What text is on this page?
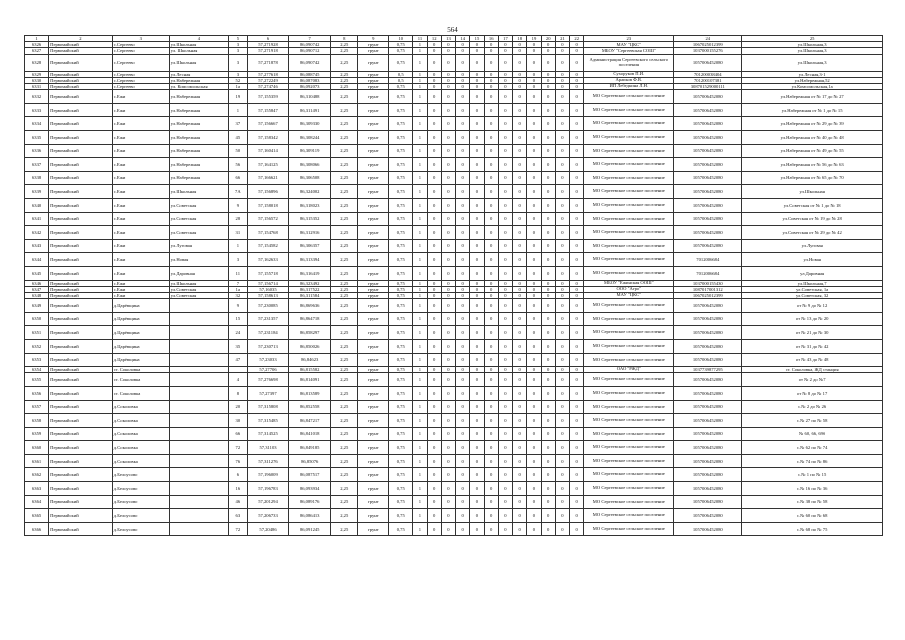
564
1	2	3	4	5	6	7	8	9	10	11	12	13	14	15	16	17	18	19	20	21	22	23	24	25
6326	Первомайский	с.Сергеево	ул.Школьная	3	57,271928	86,090742	2,25	грунт	0,75	1	0	0	0	0	0	0	0	0	0	0	0	МАУ "ЦКС"	1067025012399	ул.Школьная,3
6327	Первомайский	с.Сергеево	ул. Школьная	3	57,271918	86,090712	2,25	грунт	0,75	1	0	0	0	0	0	0	0	0	0	0	0	МБОУ "Сергеевская СОШ"	1037000155276	ул.Школьная,3
6328	Первомайский	с.Сергеево	ул.Школьная	3	57,271878	86,090742	2,25	грунт	0,75	1	0	0	0	0	0	0	0	0	0	0	0	Администрация Сергеевского сельского поселения	1057006452080	ул.Школьная,3
6329	Первомайский	с.Сергеево	ул.Лесная	3	57,277618	86,088745	2,25	грунт	0,5	1	0	0	0	0	0	0	0	0	0	0	0	Сухоруков П.И.	701200038404	ул.Лесная,3-1
6330	Первомайский	с.Сергеево	ул.Набережная	52	57,272249	86,087083	2,25	грунт	0,5	1	0	0	0	0	0	0	0	0	0	0	0	Арапков Ф.В.	701200107381	ул.Набережная,52
6331	Первомайский	с.Сергеево	ул. Комсомольская	1а	57,274746	86,092073	2,25	грунт	0,75	1	0	0	0	0	0	0	0	0	0	0	0	ИП Лебедкина Л.Н.	308701529000111	ул.Комсомольская,1а
6332	Первомайский	с.Ежи	ул.Набережная	19	57,155359	86,310488	2,25	грунт	0,75	1	0	0	0	0	0	0	0	0	0	0	0	МО Сергеевское сельское поселение	1057006452080	ул.Набережная от № 17 до № 27
6333	Первомайский	с.Ежи	ул.Набережная	1	57,155847	86,311491	2,25	грунт	0,75	1	0	0	0	0	0	0	0	0	0	0	0	МО Сергеевское сельское поселение	1057006452080	ул.Набережная от № 1 до № 15
6334	Первомайский	с.Ежи	ул.Набережная	37	57,156667	86,309330	2,25	грунт	0,75	1	0	0	0	0	0	0	0	0	0	0	0	МО Сергеевское сельское поселение	1057006452080	ул.Набережная от № 29 до № 39
6335	Первомайский	с.Ежи	ул.Набережная	45	57,158342	86,308244	2,25	грунт	0,75	1	0	0	0	0	0	0	0	0	0	0	0	МО Сергеевское сельское поселение	1057006452080	ул.Набережная от № 40 до № 48
6336	Первомайский	с.Ежи	ул.Набережная	50	57,160414	86,309119	2,25	грунт	0,75	1	0	0	0	0	0	0	0	0	0	0	0	МО Сергеевское сельское поселение	1057006452080	ул.Набережная от № 49 до № 55
6337	Первомайский	с.Ежи	ул.Набережная	56	57,164125	86,308066	2,25	грунт	0,75	1	0	0	0	0	0	0	0	0	0	0	0	МО Сергеевское сельское поселение	1057006452080	ул.Набережная от № 56 до № 63
6338	Первомайский	с.Ежи	ул.Набережная	66	57,166621	86,306508	2,25	грунт	0,75	1	0	0	0	0	0	0	0	0	0	0	0	МО Сергеевское сельское поселение	1057006452080	ул.Набережная от № 65 до № 70
6339	Первомайский	с.Ежи	ул.Школьная	7А	57,156896	86,324002	2,25	грунт	0,75	1	0	0	0	0	0	0	0	0	0	0	0	МО Сергеевское сельское поселение	1057006452080	ул.Школьная
6340	Первомайский	с.Ежи	ул.Советская	9	57,158018	86,318023	2,25	грунт	0,75	1	0	0	0	0	0	0	0	0	0	0	0	МО Сергеевское сельское поселение	1057006452080	ул.Советская от № 1 до № 18
6341	Первомайский	с.Ежи	ул.Советская	28	57,156572	86,315352	2,25	грунт	0,75	1	0	0	0	0	0	0	0	0	0	0	0	МО Сергеевское сельское поселение	1057006452080	ул.Советская от № 19 до № 28
6342	Первомайский	с.Ежи	ул.Советская	31	57,154768	86,312916	2,25	грунт	0,75	1	0	0	0	0	0	0	0	0	0	0	0	МО Сергеевское сельское поселение	1057006452080	ул.Советская от № 29 до № 42
6343	Первомайский	с.Ежи	ул.Луговая	1	57,154582	86,306357	2,25	грунт	0,75	1	0	0	0	0	0	0	0	0	0	0	0	МО Сергеевское сельское поселение	1057006452080	ул.Луговая
6344	Первомайский	с.Ежи	ул.Новая	3	57,162633	86,313394	2,25	грунт	0,75	1	0	0	0	0	0	0	0	0	0	0	0	МО Сергеевское сельское поселение	7012006684	ул.Новая
6345	Первомайский	с.Ежи	ул.Даровная	11	57,155718	86,316419	2,25	грунт	0,75	1	0	0	0	0	0	0	0	0	0	0	0	МО Сергеевское сельское поселение	7012006684	ул.Даровная
6346	Первомайский	с.Ежи	ул.Школьная	7	57,156714	86,323492	2,25	грунт	0,75	1	0	0	0	0	0	0	0	0	0	0	0	МБОУ "Ежинская ООШ"	1037000155430	ул.Школьная,7
6347	Первомайский	с.Ежи	ул.Советская	1а	57,16035	86,317522	2,25	грунт	0,75	1	0	0	0	0	0	0	0	0	0	0	0	ООО "Агро"	1087017001312	ул.Советская, 1а
6348	Первомайский	с.Ежи	ул.Советская	32	57,158613	86,311584	2,25	грунт	0,75	1	0	0	0	0	0	0	0	0	0	0	0	МАУ "ЦКС"	1067025012399	ул.Советская, 32
6349	Первомайский	д.Царёвщина		9	57,230085	86,869636	2,25	грунт	0,75	1	0	0	0	0	0	0	0	0	0	0	0	МО Сергеевское сельское поселение	1057006452080	от № 9 до № 12
6350	Первомайский	д.Царёвщина		15	57,231357	86,864718	2,25	грунт	0,75	1	0	0	0	0	0	0	0	0	0	0	0	МО Сергеевское сельское поселение	1057006452080	от № 13 до № 20
6351	Первомайский	д.Царёвщина		24	57,231184	86,858297	2,25	грунт	0,75	1	0	0	0	0	0	0	0	0	0	0	0	МО Сергеевское сельское поселение	1057006452080	от № 21 до № 30
6352	Первомайский	д.Царёвщина		35	57,230713	86,850026	2,25	грунт	0,75	1	0	0	0	0	0	0	0	0	0	0	0	МО Сергеевское сельское поселение	1057006452080	от № 31 до № 42
6353	Первомайский	д.Царёвщина		47	57,23033	86,84623	2,25	грунт	0,75	1	0	0	0	0	0	0	0	0	0	0	0	МО Сергеевское сельское поселение	1057006452080	от № 43 до № 48
6354	Первомайский	ст. Соколовка			57,27706	86,815582	2,25	грунт	0,75	1	0	0	0	0	0	0	0	0	0	0	0	ОАО "РЖД"	1037739877295	ст. Соколовка, ЖД станция
6355	Первомайский	ст. Соколовка		4	57,276698	86,814091	2,25	грунт	0,75	1	0	0	0	0	0	0	0	0	0	0	0	МО Сергеевское сельское поселение	1057006452080	от № 2 до №7
6356	Первомайский	ст. Соколовка		8	57,27397	86,813589	2,25	грунт	0,75	1	0	0	0	0	0	0	0	0	0	0	0	МО Сергеевское сельское поселение	1057006452080	от № 8 до № 17
6357	Первомайский	д.Соколовка		20	57,315808	86,852558	2,25	грунт	0,75	1	0	0	0	0	0	0	0	0	0	0	0	МО Сергеевское сельское поселение	1057006452080	с.№ 2 до № 26
6358	Первомайский	д.Соколовка		30	57,315485	86,847217	2,25	грунт	0,75	1	0	0	0	0	0	0	0	0	0	0	0	МО Сергеевское сельское поселение	1057006452080	с.№ 27 по № 58
6359	Первомайский	д.Соколовка		66	57,314525	86,841018	2,25	грунт	0,75	1	0	0	0	0	0	0	0	0	0	0	0	МО Сергеевское сельское поселение	1057006452080	№ 60, 66, 69б
6360	Первомайский	д.Соколовка		72	57,31103	86,849185	2,25	грунт	0,75	1	0	0	0	0	0	0	0	0	0	0	0	МО Сергеевское сельское поселение	1057006452080	с.№ 62 по № 74
6361	Первомайский	д.Соколовка		76	57,311276	86,85076	2,25	грунт	0,75	1	0	0	0	0	0	0	0	0	0	0	0	МО Сергеевское сельское поселение	1057006452080	с.№ 74 по № 86
6362	Первомайский	д.Белоусово		6	57,196009	86,087517	2,25	грунт	0,75	1	0	0	0	0	0	0	0	0	0	0	0	МО Сергеевское сельское поселение	1057006452080	с.№ 1 по № 15
6363	Первомайский	д.Белоусово		16	57,196783	86,093934	2,25	грунт	0,75	1	0	0	0	0	0	0	0	0	0	0	0	МО Сергеевское сельское поселение	1057006452080	с.№ 16 по № 36
6364	Первомайский	д.Белоусово		46	57,201294	86,089176	2,25	грунт	0,75	1	0	0	0	0	0	0	0	0	0	0	0	МО Сергеевское сельское поселение	1057006452080	с.№ 38 по № 58
6365	Первомайский	д.Белоусово		63	57,206733	86,086413	2,25	грунт	0,75	1	0	0	0	0	0	0	0	0	0	0	0	МО Сергеевское сельское поселение	1057006452080	с.№ 60 по № 68
6366	Первомайский	д.Белоусово		72	57,20486	86,091245	2,25	грунт	0,75	1	0	0	0	0	0	0	0	0	0	0	0	МО Сергеевское сельское поселение	1057006452080	с.№ 68 по № 75
